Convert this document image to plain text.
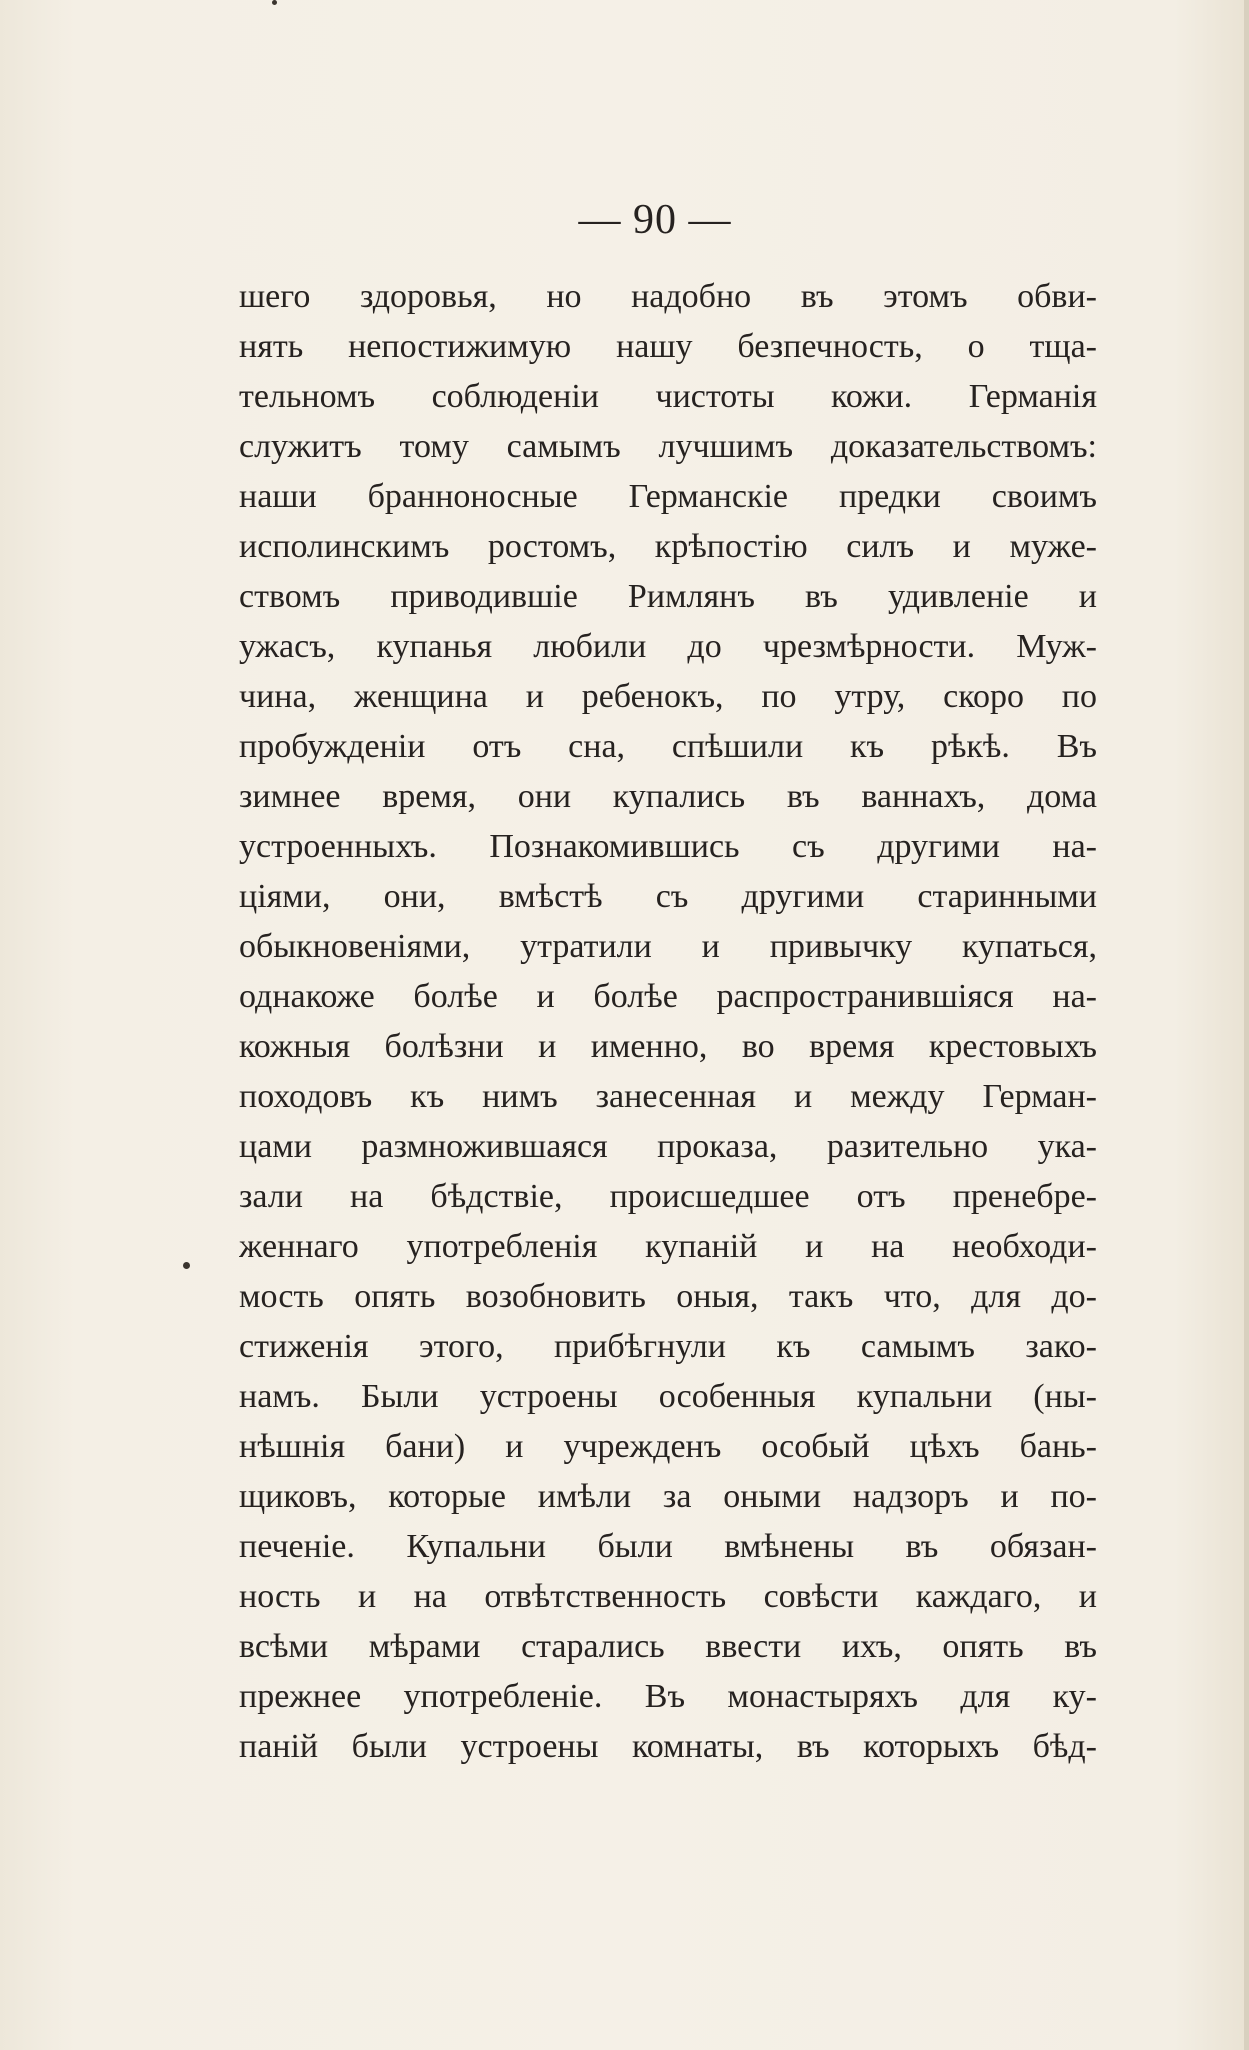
— 90 —
шего здоровья, но надобно въ этомъ обви-
нять непостижимую нашу безпечность, о тща-
тельномъ соблюденіи чистоты кожи. Германія
служитъ тому самымъ лучшимъ доказательствомъ:
наши бранноносные Германскіе предки своимъ
исполинскимъ ростомъ, крѣпостію силъ и муже-
ствомъ приводившіе Римлянъ въ удивленіе и
ужасъ, купанья любили до чрезмѣрности. Муж-
чина, женщина и ребенокъ, по утру, скоро по
пробужденіи отъ сна, спѣшили къ рѣкѣ. Въ
зимнее время, они купались въ ваннахъ, дома
устроенныхъ. Познакомившись съ другими на-
ціями, они, вмѣстѣ съ другими старинными
обыкновеніями, утратили и привычку купаться,
однакоже болѣе и болѣе распространившіяся на-
кожныя болѣзни и именно, во время крестовыхъ
походовъ къ нимъ занесенная и между Герман-
цами размножившаяся проказа, разительно ука-
зали на бѣдствіе, происшедшее отъ пренебре-
женнаго употребленія купаній и на необходи-
мость опять возобновить оныя, такъ что, для до-
стиженія этого, прибѣгнули къ самымъ зако-
намъ. Были устроены особенныя купальни (ны-
нѣшнія бани) и учрежденъ особый цѣхъ бань-
щиковъ, которые имѣли за оными надзоръ и по-
печеніе. Купальни были вмѣнены въ обязан-
ность и на отвѣтственность совѣсти каждаго, и
всѣми мѣрами старались ввести ихъ, опять въ
прежнее употребленіе. Въ монастыряхъ для ку-
паній были устроены комнаты, въ которыхъ бѣд-
